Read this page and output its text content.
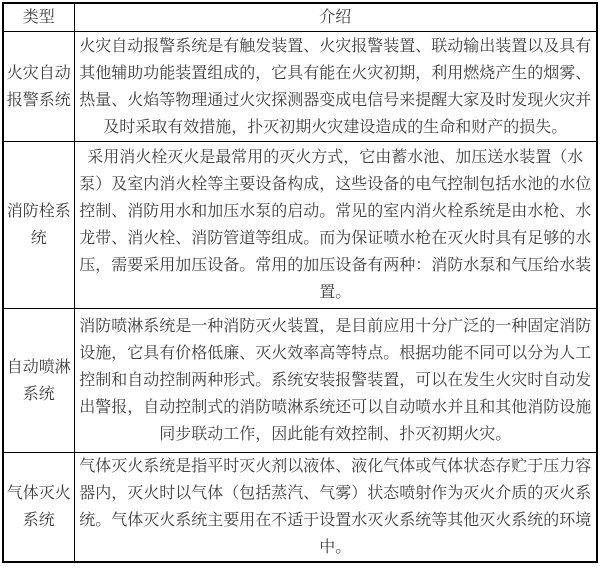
类型	介绍
火灾自动报警系统	火灾自动报警系统是有触发装置、火灾报警装置、联动输出装置以及具有其他辅助功能装置组成的，它具有能在火灾初期，利用燃烧产生的烟雾、热量、火焰等物理通过火灾探测器变成电信号来提醒大家及时发现火灾并及时采取有效措施，扑灭初期火灾建设造成的生命和财产的损失。
消防栓系统	采用消火栓灭火是最常用的灭火方式，它由蓄水池、加压送水装置（水泵）及室内消火栓等主要设备构成，这些设备的电气控制包括水池的水位控制、消防用水和加压水泵的启动。常见的室内消火栓系统是由水枪、水龙带、消火栓、消防管道等组成。而为保证喷水枪在灭火时具有足够的水压，需要采用加压设备。常用的加压设备有两种：消防水泵和气压给水装置。
自动喷淋系统	消防喷淋系统是一种消防灭火装置，是目前应用十分广泛的一种固定消防设施，它具有价格低廉、灭火效率高等特点。根据功能不同可以分为人工控制和自动控制两种形式。系统安装报警装置，可以在发生火灾时自动发出警报，自动控制式的消防喷淋系统还可以自动喷水并且和其他消防设施同步联动工作，因此能有效控制、扑灭初期火灾。
气体灭火系统	气体灭火系统是指平时灭火剂以液体、液化气体或气体状态存贮于压力容器内，灭火时以气体（包括蒸汽、气雾）状态喷射作为灭火介质的灭火系统。气体灭火系统主要用在不适于设置水灭火系统等其他灭火系统的环境中。
